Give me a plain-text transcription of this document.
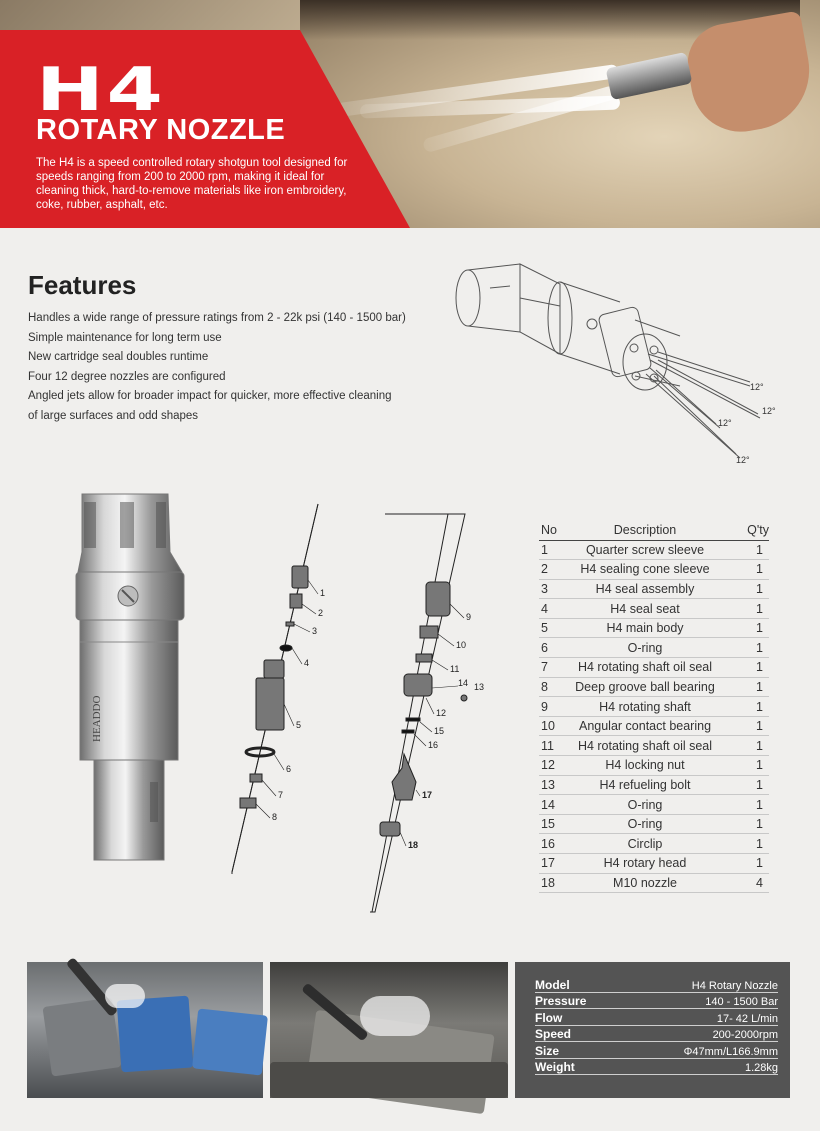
H4
ROTARY NOZZLE
The H4 is a speed controlled rotary shotgun tool designed for speeds ranging from 200 to 2000 rpm, making it ideal for cleaning thick, hard-to-remove materials like iron embroidery, coke, rubber, asphalt, etc.
Features
Handles a wide range of pressure ratings from 2 - 22k psi (140 - 1500 bar)
Simple maintenance for long term use
New cartridge seal doubles runtime
Four 12 degree nozzles are configured
Angled jets allow for broader impact for quicker, more effective cleaning
of large surfaces and odd shapes
12°
12°
12°
12°
HEADDO
1
2
3
4
5
6
7
8
9
10
11
12
13
14
15
16
17
18
No	Description	Q'ty
1	Quarter screw sleeve	1
2	H4 sealing cone sleeve	1
3	H4 seal assembly	1
4	H4 seal seat	1
5	H4 main body	1
6	O-ring	1
7	H4 rotating shaft oil seal	1
8	Deep groove ball bearing	1
9	H4 rotating shaft	1
10	Angular contact bearing	1
11	H4 rotating shaft oil seal	1
12	H4 locking nut	1
13	H4 refueling bolt	1
14	O-ring	1
15	O-ring	1
16	Circlip	1
17	H4 rotary head	1
18	M10 nozzle	4
Model	H4 Rotary Nozzle
Pressure	140 - 1500 Bar
Flow	17- 42 L/min
Speed	200-2000rpm
Size	Φ47mm/L166.9mm
Weight	1.28kg
